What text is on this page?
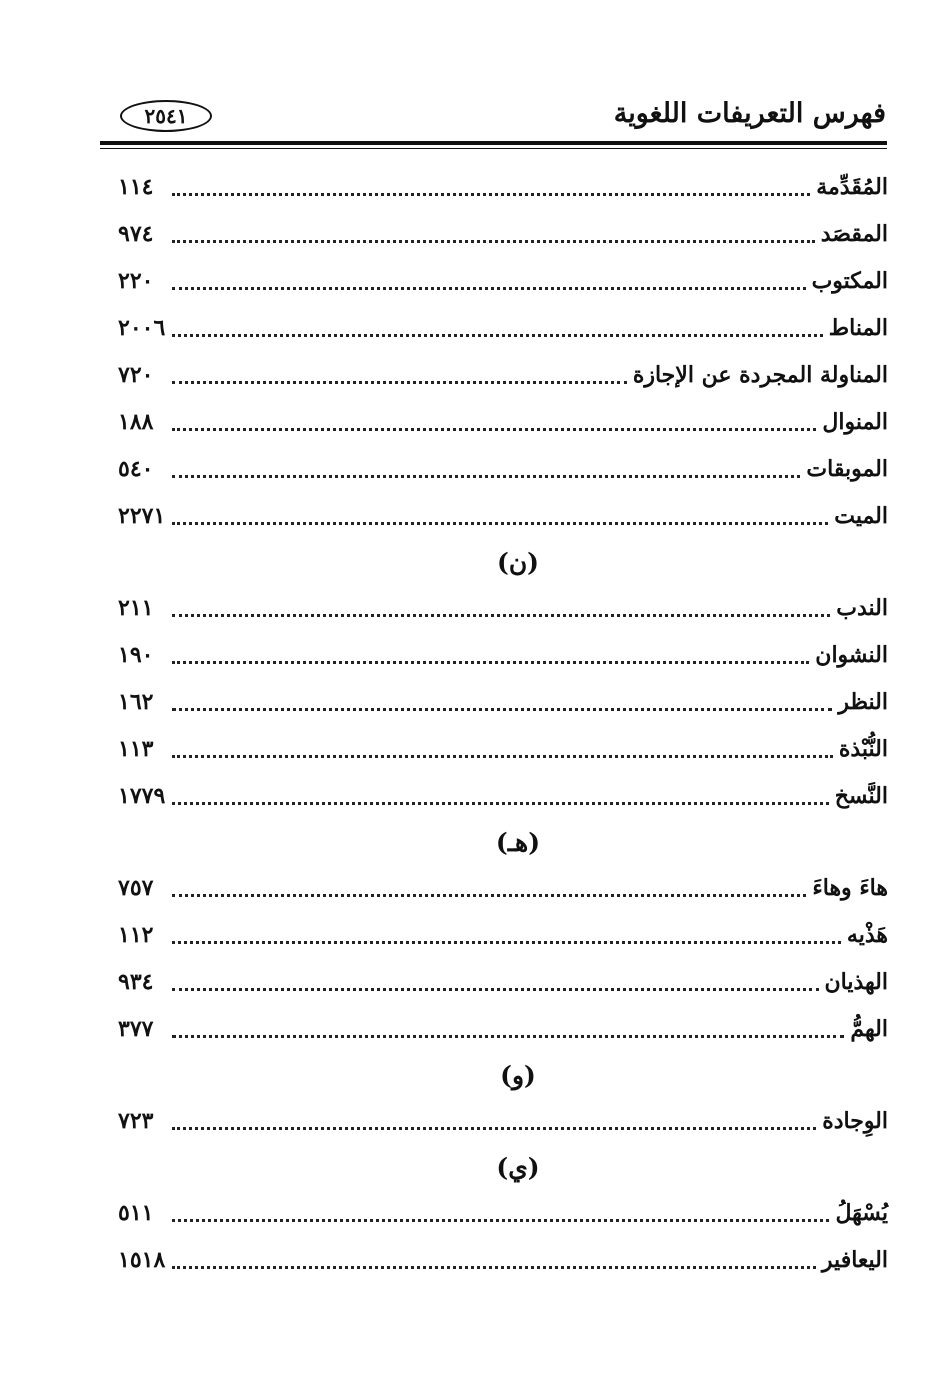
فهرس التعريفات اللغوية
٢٥٤١
المُقَدِّمة
١١٤
المقصَد
٩٧٤
المكتوب
٢٢٠
المناط
٢٠٠٦
المناولة المجردة عن الإجازة
٧٢٠
المنوال
١٨٨
الموبقات
٥٤٠
الميت
٢٢٧١
(ن)
الندب
٢١١
النشوان
١٩٠
النظر
١٦٢
النُّبْذة
١١٣
النَّسخ
١٧٧٩
(هـ)
هاءَ وهاءَ
٧٥٧
هَذْيه
١١٢
الهذيان
٩٣٤
الهمُّ
٣٧٧
(و)
الوِجادة
٧٢٣
(ي)
يُسْهَلُ
٥١١
اليعافير
١٥١٨
